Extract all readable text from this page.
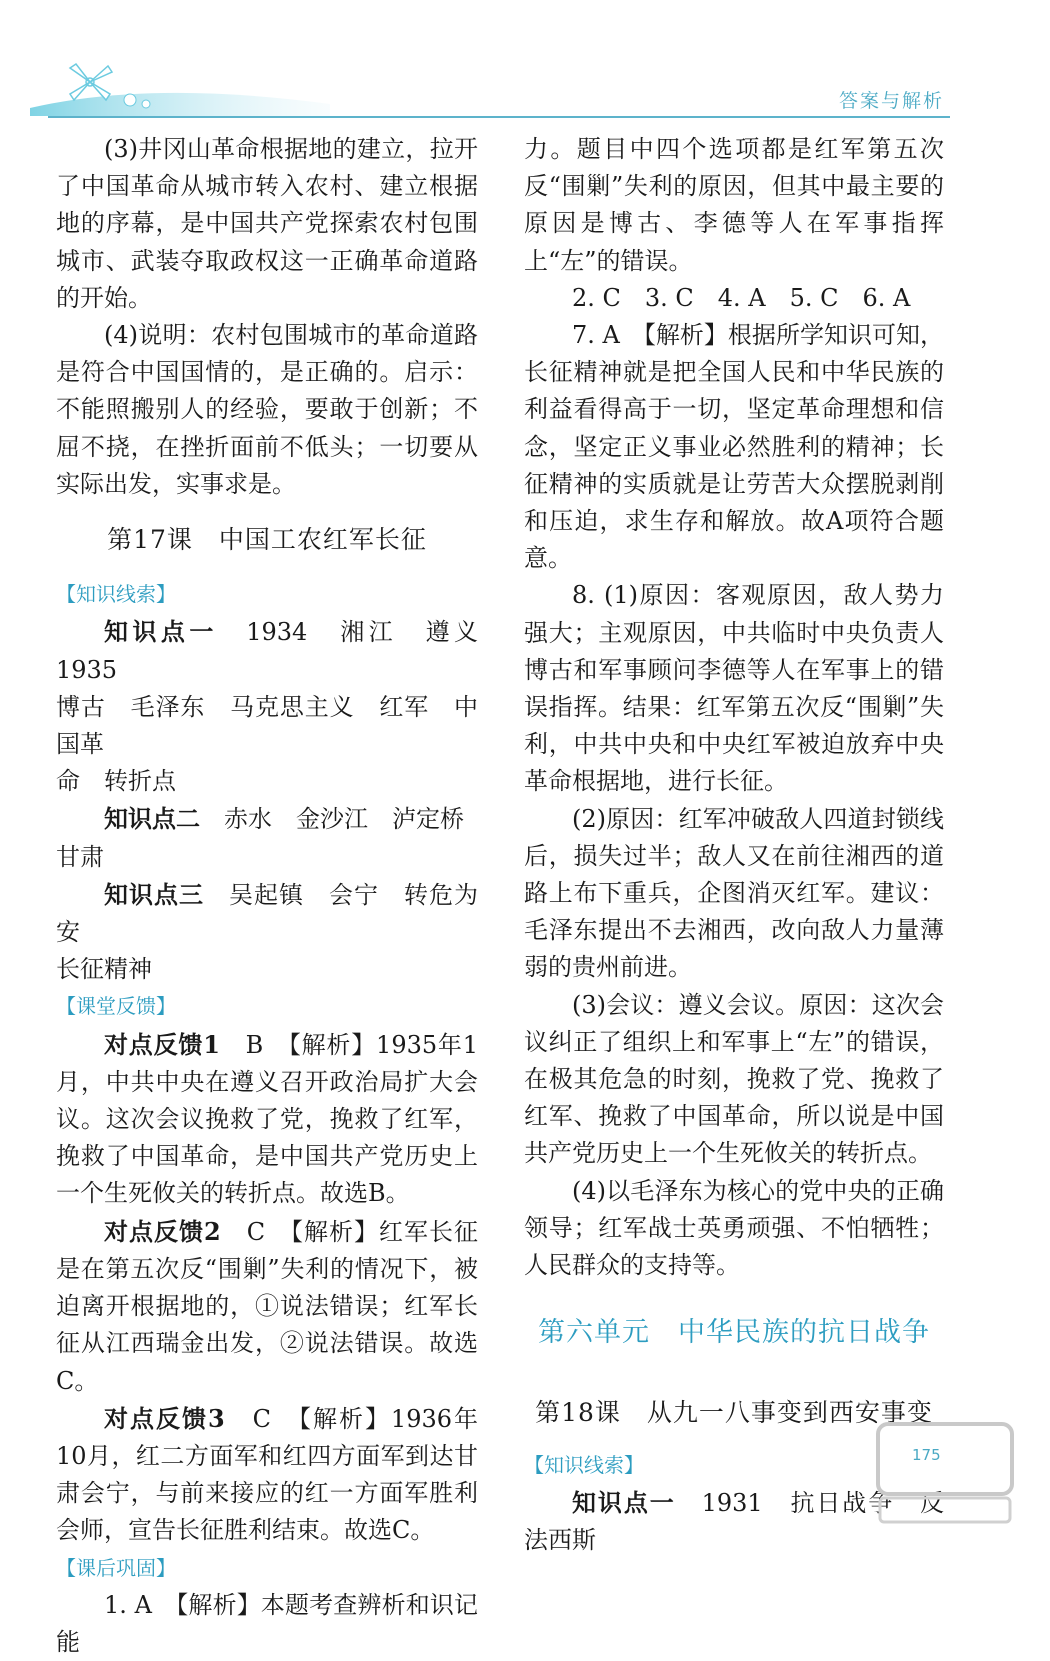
答案与解析

(3)井冈山革命根据地的建立，拉开了中国革命从城市转入农村、建立根据地的序幕，是中国共产党探索农村包围城市、武装夺取政权这一正确革命道路的开始。

(4)说明：农村包围城市的革命道路是符合中国国情的，是正确的。启示：不能照搬别人的经验，要敢于创新；不屈不挠，在挫折面前不低头；一切要从实际出发，实事求是。

第17课　中国工农红军长征
【知识线索】

知识点一　 1934　湘江　遵义　1935

博古　毛泽东　马克思主义　红军　中国革

命　转折点

知识点二　 赤水　金沙江　泸定桥

甘肃

知识点三　 吴起镇　会宁　转危为安

长征精神

【课堂反馈】

对点反馈1　 B　【解析】1935年1月，中共中央在遵义召开政治局扩大会议。这次会议挽救了党，挽救了红军，挽救了中国革命，是中国共产党历史上一个生死攸关的转折点。故选B。

对点反馈2　 C　【解析】红军长征是在第五次反“围剿”失利的情况下，被迫离开根据地的，①说法错误；红军长征从江西瑞金出发，②说法错误。故选C。

对点反馈3　 C　【解析】1936年10月，红二方面军和红四方面军到达甘肃会宁，与前来接应的红一方面军胜利会师，宣告长征胜利结束。故选C。

【课后巩固】

1. A　【解析】本题考查辨析和识记能

力。题目中四个选项都是红军第五次反“围剿”失利的原因，但其中最主要的原因是博古、李德等人在军事指挥上“左”的错误。

2. C　3. C　4. A　5. C　6. A

7. A　【解析】根据所学知识可知，长征精神就是把全国人民和中华民族的利益看得高于一切，坚定革命理想和信念，坚定正义事业必然胜利的精神；长征精神的实质就是让劳苦大众摆脱剥削和压迫，求生存和解放。故A项符合题意。

8. (1)原因：客观原因，敌人势力强大；主观原因，中共临时中央负责人博古和军事顾问李德等人在军事上的错误指挥。结果：红军第五次反“围剿”失利，中共中央和中央红军被迫放弃中央革命根据地，进行长征。

(2)原因：红军冲破敌人四道封锁线后，损失过半；敌人又在前往湘西的道路上布下重兵，企图消灭红军。建议：毛泽东提出不去湘西，改向敌人力量薄弱的贵州前进。

(3)会议：遵义会议。原因：这次会议纠正了组织上和军事上“左”的错误，在极其危急的时刻，挽救了党、挽救了红军、挽救了中国革命，所以说是中国共产党历史上一个生死攸关的转折点。

(4)以毛泽东为核心的党中央的正确领导；红军战士英勇顽强、不怕牺牲；人民群众的支持等。

第六单元　中华民族的抗日战争
第18课　从九一八事变到西安事变
【知识线索】

知识点一　 1931　抗日战争　反法西斯

175
